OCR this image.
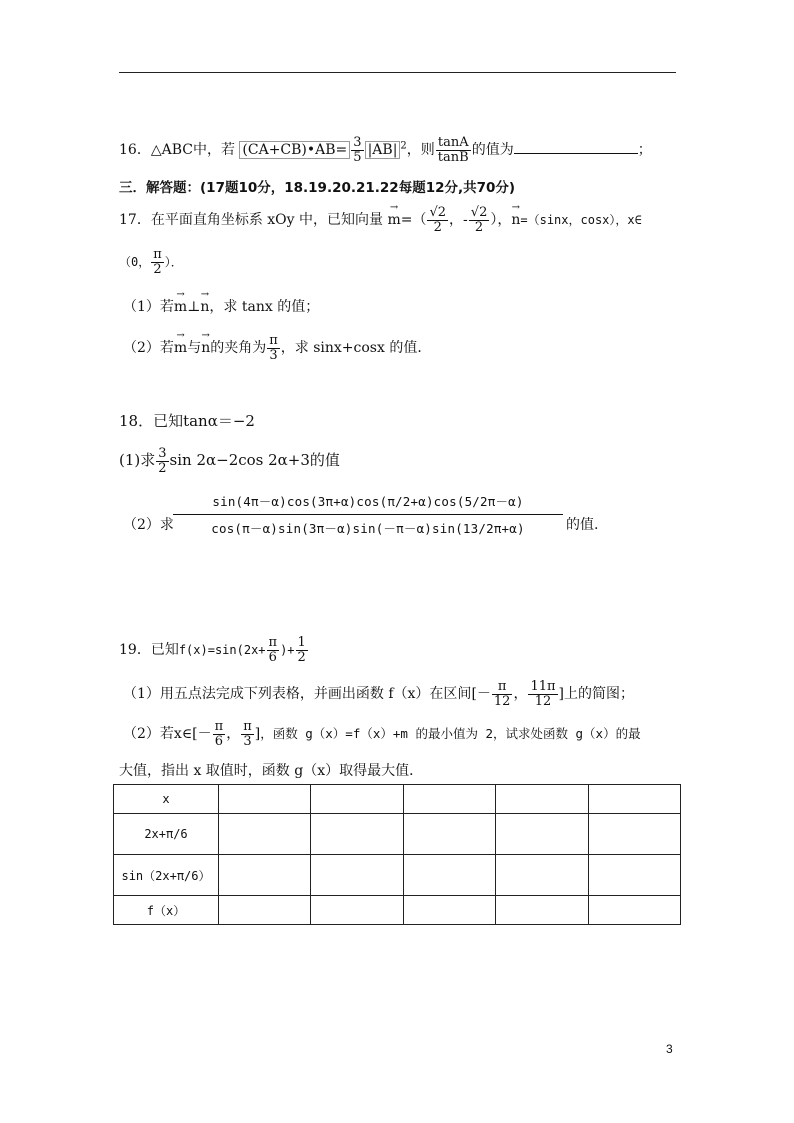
16．△ABC中，若 (CA+CB)•AB= $\frac{3}{5} |AB|$ $^2$，则 $\frac{\tan A}{\tan B}$ 的值为	；
三．解答题：(17题10分，18.19.20.21.22每题12分,共70分)
17．在平面直角坐标系 xOy 中，已知向量 → $m=( \frac{√2}{2}$ ，- $\frac{√2}{2}$ ），→ n=（sinx，cosx），x∈
（0， $\frac{\pi}{2}$ ）．
（1）若→ m⊥→ n，求 tanx 的值；
（2）若→ m与→ n的夹角为 $\frac{\pi}{3}$ ，求 sinx+cosx 的值．
18．已知tanα＝−2
(1)求 $\frac{3}{2}$ sin 2α−2cos 2α+3的值
（2）求 $\frac{\sin(4\pi-\alpha)\cos(3\pi+\alpha)\cos(\pi/2+\alpha)\cos(5/2\pi-\alpha)}{\cos(\pi-\alpha)\sin(3\pi-\alpha)\sin(-\pi-\alpha)\sin(13/2\pi+\alpha)}$ 的值.
19．已知$f(x)=\sin(2x+ \frac{\pi}{6}$ )+ $\frac{1}{2}$
（1）用五点法完成下列表格，并画出函数 f（x）在区间[－ $\frac{\pi}{12}$ ， $\frac{11\pi}{12}$ ]上的简图；
（2）若x∈[－ $\frac{\pi}{6}$ ， $\frac{\pi}{3}$ ]，函数 g（x）=f（x）+m 的最小值为 2，试求处函数 g（x）的最
大值，指出 x 取值时，函数 g（x）取得最大值．
x					
2x+π/6					
sin（2x+π/6）					
f（x）					
3
